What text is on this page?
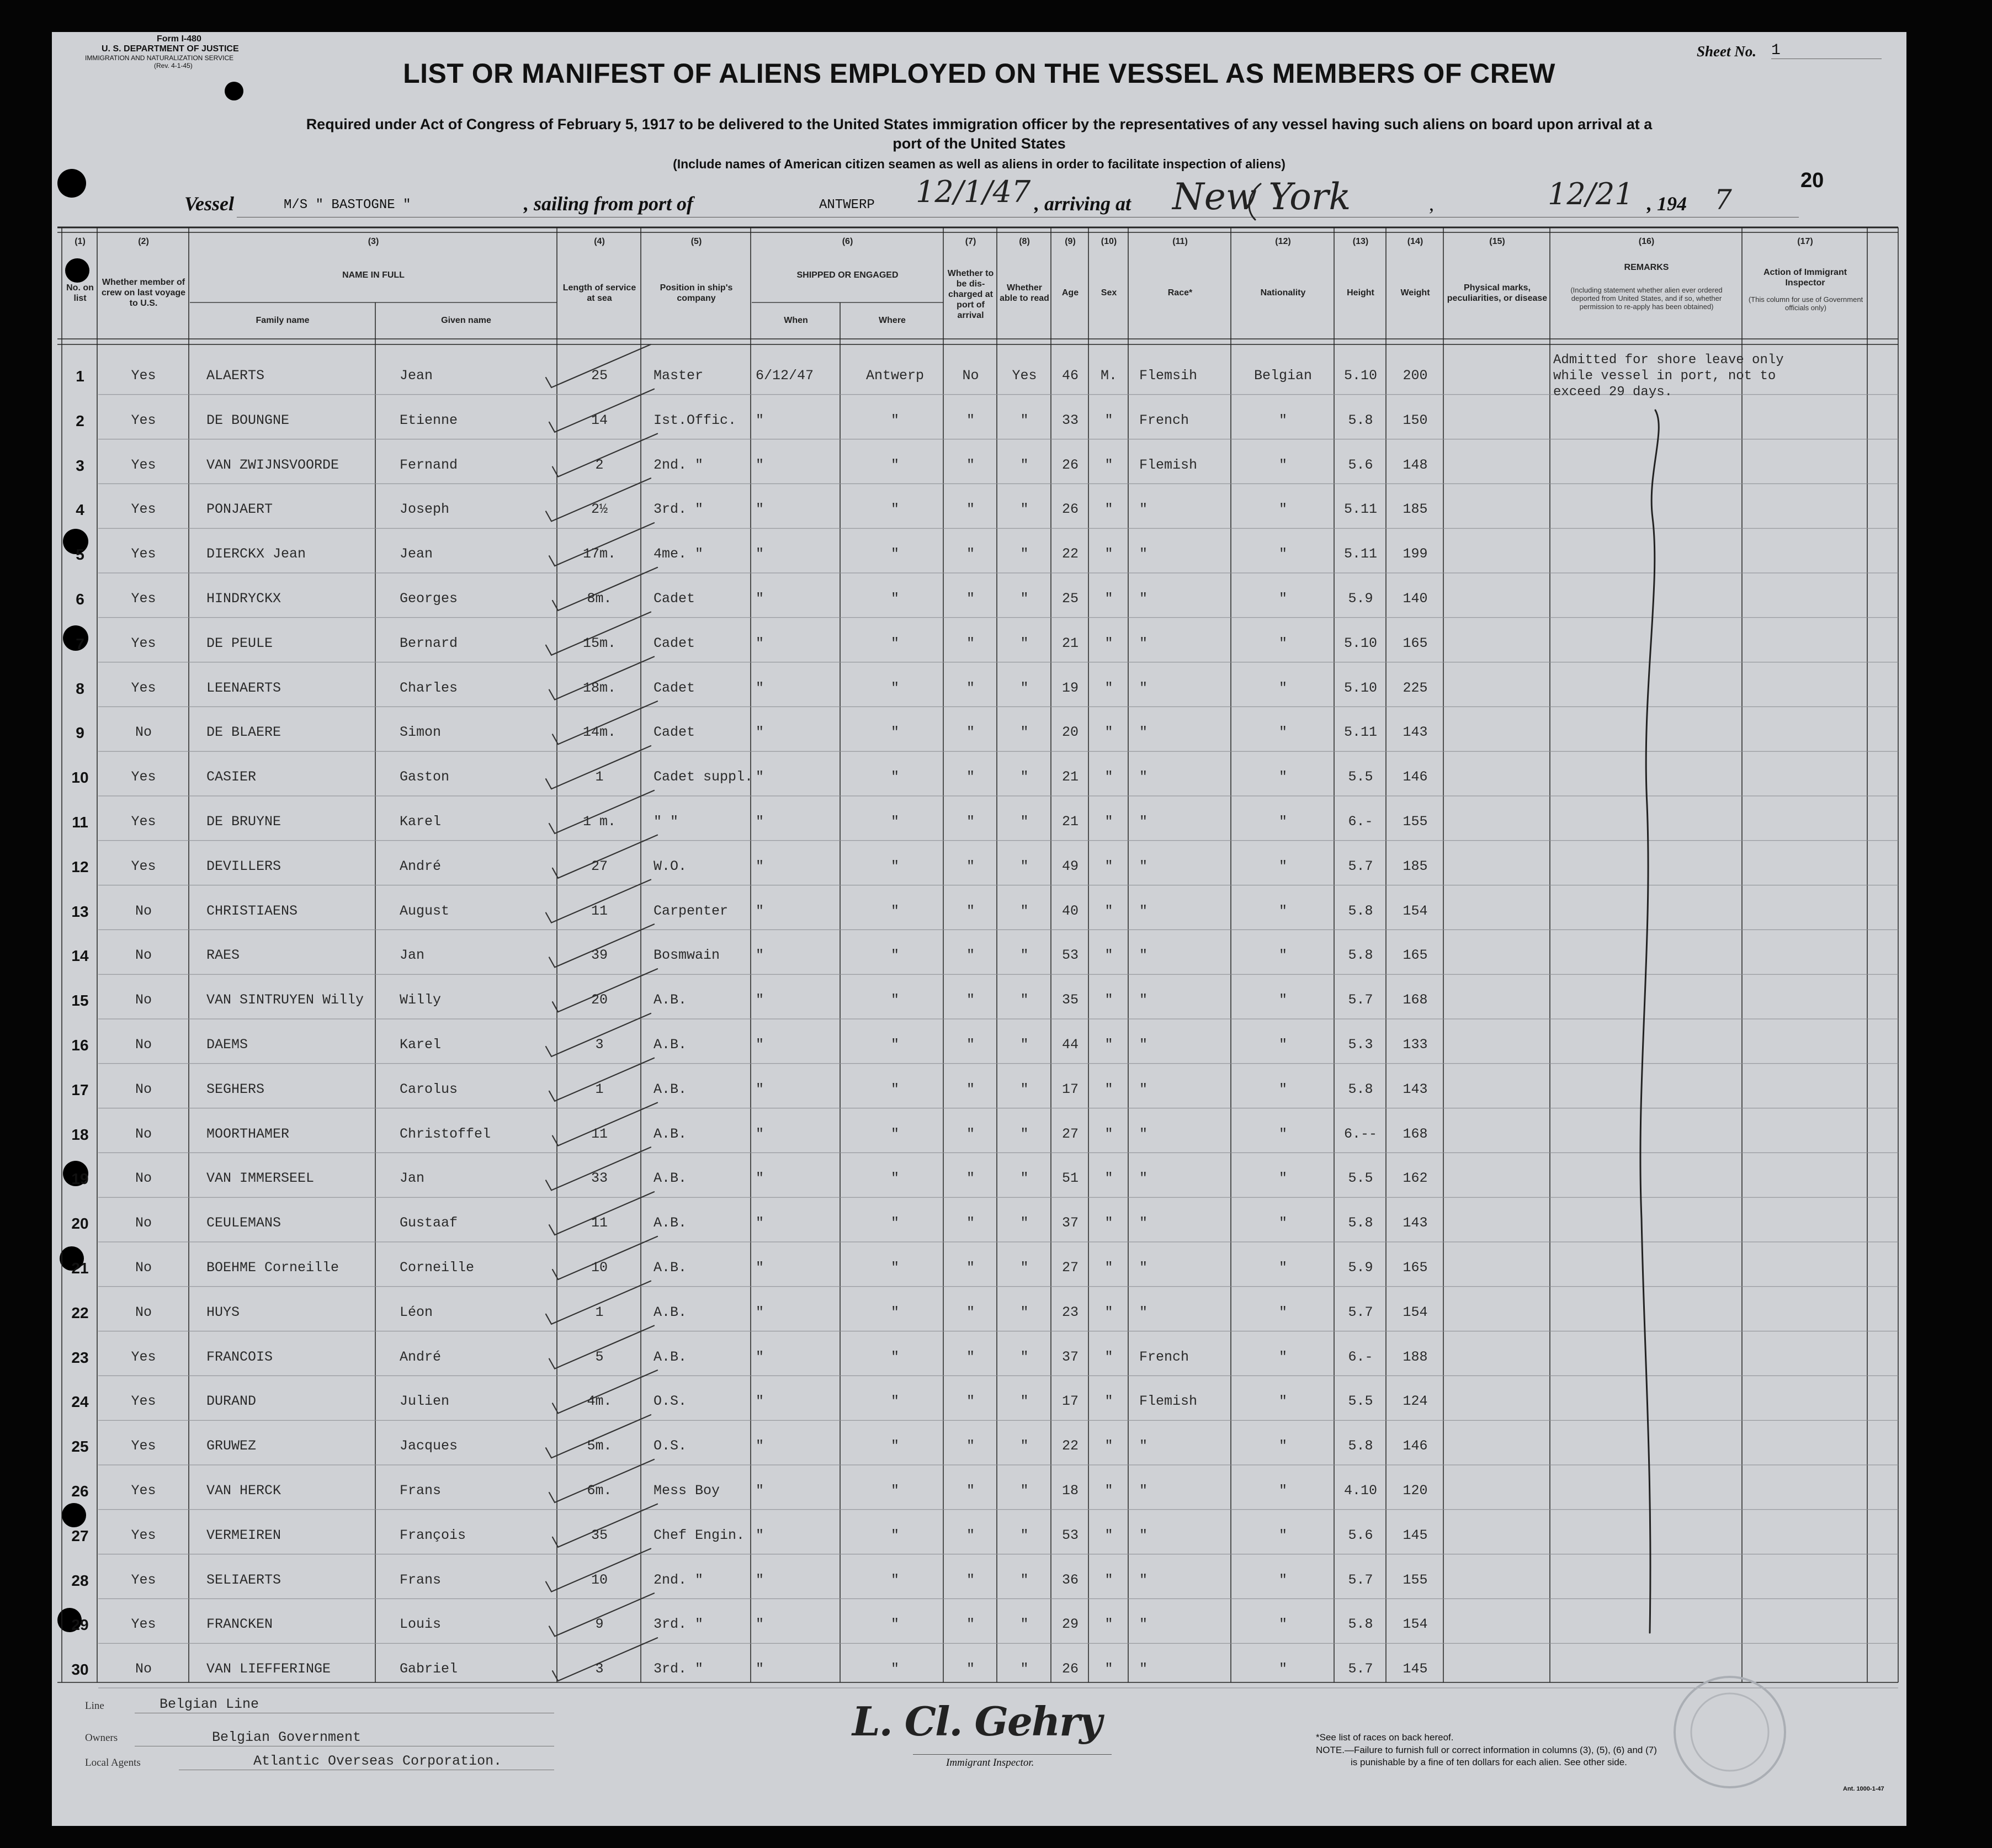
Form I-480
U. S. DEPARTMENT OF JUSTICE
IMMIGRATION AND NATURALIZATION SERVICE
(Rev. 4-1-45)
Sheet No. 1
20
LIST OR MANIFEST OF ALIENS EMPLOYED ON THE VESSEL AS MEMBERS OF CREW
Required under Act of Congress of February 5, 1917 to be delivered to the United States immigration officer by the representatives of any vessel having such aliens on board upon arrival at a
port of the United States
(Include names of American citizen seamen as well as aliens in order to facilitate inspection of aliens)
Vessel	M/S " BASTOGNE "	, sailing from port of	ANTWERP 12/1/47 , arriving at New York	,	12/21 , 194 7
(1)
No. on list
(2)
Whether member of crew on last voyage to U.S.
(3)
NAME IN FULL
Family name	Given name
(4)
Length of service at sea
(5)
Position in ship's company
(6)
SHIPPED OR ENGAGED
When	Where
(7)
Whether to be dis-charged at port of arrival
(8)
Whether able to read
(9)
Age
(10)
Sex
(11)
Race*
(12)
Nationality
(13)
Height
(14)
Weight
(15)
Physical marks, peculiarities, or disease
(16)
REMARKS
(Including statement whether alien ever ordered deported from United States, and if so, whether permission to re-apply has been obtained)
(17)
Action of Immigrant Inspector
(This column for use of Government officials only)
1	Yes	ALAERTS	Jean	25	Master	6/12/47	Antwerp	No	Yes	46	M.	Flemsih	Belgian	5.10	200
2	Yes	DE BOUNGNE	Etienne	14	Ist.Offic.	"	"	"	"	33	"	French	"	5.8	150
3	Yes	VAN ZWIJNSVOORDE	Fernand	2	2nd. "	"	"	"	"	26	"	Flemish	"	5.6	148
4	Yes	PONJAERT	Joseph	2½	3rd. "	"	"	"	"	26	"	"	"	5.11	185
5	Yes	DIERCKX Jean	Jean	17m.	4me. "	"	"	"	"	22	"	"	"	5.11	199
6	Yes	HINDRYCKX	Georges	8m.	Cadet	"	"	"	"	25	"	"	"	5.9	140
7	Yes	DE PEULE	Bernard	15m.	Cadet	"	"	"	"	21	"	"	"	5.10	165
8	Yes	LEENAERTS	Charles	18m.	Cadet	"	"	"	"	19	"	"	"	5.10	225
9	No	DE BLAERE	Simon	14m.	Cadet	"	"	"	"	20	"	"	"	5.11	143
10	Yes	CASIER	Gaston	1	Cadet suppl. "	"	"	"	21	"	"	"	5.5	146
11	Yes	DE BRUYNE	Karel	1 m.	" "	"	"	"	"	21	"	"	"	6.-	155
12	Yes	DEVILLERS	André	27	W.O.	"	"	"	"	49	"	"	"	5.7	185
13	No	CHRISTIAENS	August	11	Carpenter	"	"	"	"	40	"	"	"	5.8	154
14	No	RAES	Jan	39	Bosmwain	"	"	"	"	53	"	"	"	5.8	165
15	No	VAN SINTRUYEN Willy	Willy	20	A.B.	"	"	"	"	35	"	"	"	5.7	168
16	No	DAEMS	Karel	3	A.B.	"	"	"	"	44	"	"	"	5.3	133
17	No	SEGHERS	Carolus	1	A.B.	"	"	"	"	17	"	"	"	5.8	143
18	No	MOORTHAMER	Christoffel	11	A.B.	"	"	"	"	27	"	"	"	6.--	168
19	No	VAN IMMERSEEL	Jan	33	A.B.	"	"	"	"	51	"	"	"	5.5	162
20	No	CEULEMANS	Gustaaf	11	A.B.	"	"	"	"	37	"	"	"	5.8	143
21	No	BOEHME Corneille	Corneille	10	A.B.	"	"	"	"	27	"	"	"	5.9	165
22	No	HUYS	Léon	1	A.B.	"	"	"	"	23	"	"	"	5.7	154
23	Yes	FRANCOIS	André	5	A.B.	"	"	"	"	37	"	French	"	6.-	188
24	Yes	DURAND	Julien	4m.	O.S.	"	"	"	"	17	"	Flemish	"	5.5	124
25	Yes	GRUWEZ	Jacques	5m.	O.S.	"	"	"	"	22	"	"	"	5.8	146
26	Yes	VAN HERCK	Frans	6m.	Mess Boy	"	"	"	"	18	"	"	"	4.10	120
27	Yes	VERMEIREN	François	35	Chef Engin. "	"	"	"	53	"	"	"	5.6	145
28	Yes	SELIAERTS	Frans	10	2nd. "	"	"	"	"	36	"	"	"	5.7	155
29	Yes	FRANCKEN	Louis	9	3rd. "	"	"	"	"	29	"	"	"	5.8	154
30	No	VAN LIEFFERINGE	Gabriel	3	3rd. "	"	"	"	"	26	"	"	"	5.7	145
Admitted for shore leave only
while vessel in port, not to
exceed 29 days.
Line	Belgian Line
Owners	Belgian Government
Local Agents	Atlantic Overseas Corporation.
L. Cl. Gehry
Immigrant Inspector.
*See list of races on back hereof.
NOTE.—Failure to furnish full or correct information in columns (3), (5), (6) and (7)
is punishable by a fine of ten dollars for each alien. See other side.
Ant. 1000-1-47
